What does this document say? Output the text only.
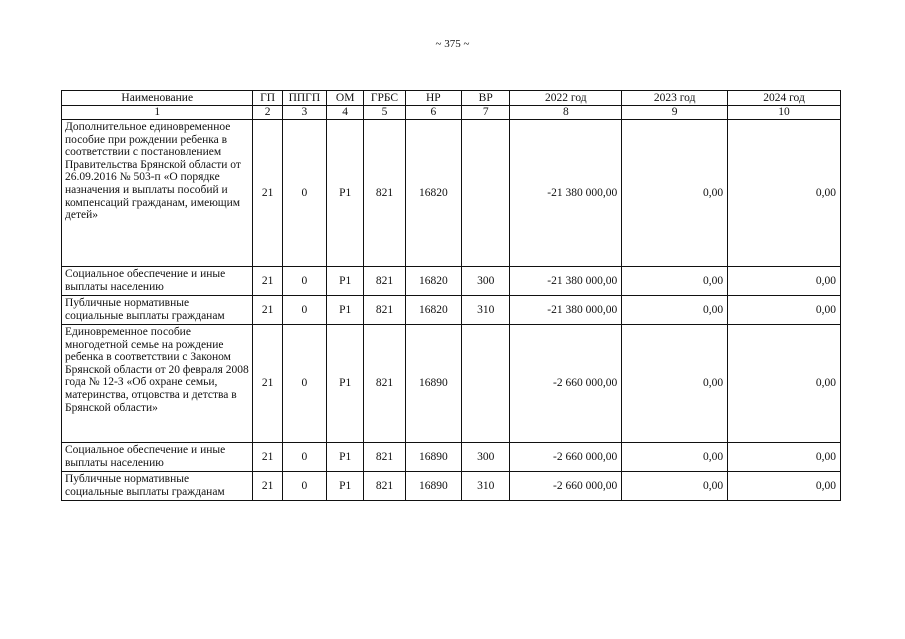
~ 375 ~
Наименование	ГП	ППГП	ОМ	ГРБС	НР	ВР	2022 год	2023 год	2024 год
1	2	3	4	5	6	7	8	9	10
Дополнительное единовременное пособие при рождении ребенка в соответствии с постановлением Правительства Брянской области от 26.09.2016 № 503-п «О порядке назначения и выплаты пособий и компенсаций гражданам, имеющим детей»	21	0	Р1	821	16820		-21 380 000,00	0,00	0,00
Социальное обеспечение и иные выплаты населению	21	0	Р1	821	16820	300	-21 380 000,00	0,00	0,00
Публичные нормативные социальные выплаты гражданам	21	0	Р1	821	16820	310	-21 380 000,00	0,00	0,00
Единовременное пособие многодетной семье на рождение ребенка в соответствии с Законом Брянской области от 20 февраля 2008 года № 12-З «Об охране семьи, материнства, отцовства и детства в Брянской области»	21	0	Р1	821	16890		-2 660 000,00	0,00	0,00
Социальное обеспечение и иные выплаты населению	21	0	Р1	821	16890	300	-2 660 000,00	0,00	0,00
Публичные нормативные социальные выплаты гражданам	21	0	Р1	821	16890	310	-2 660 000,00	0,00	0,00
